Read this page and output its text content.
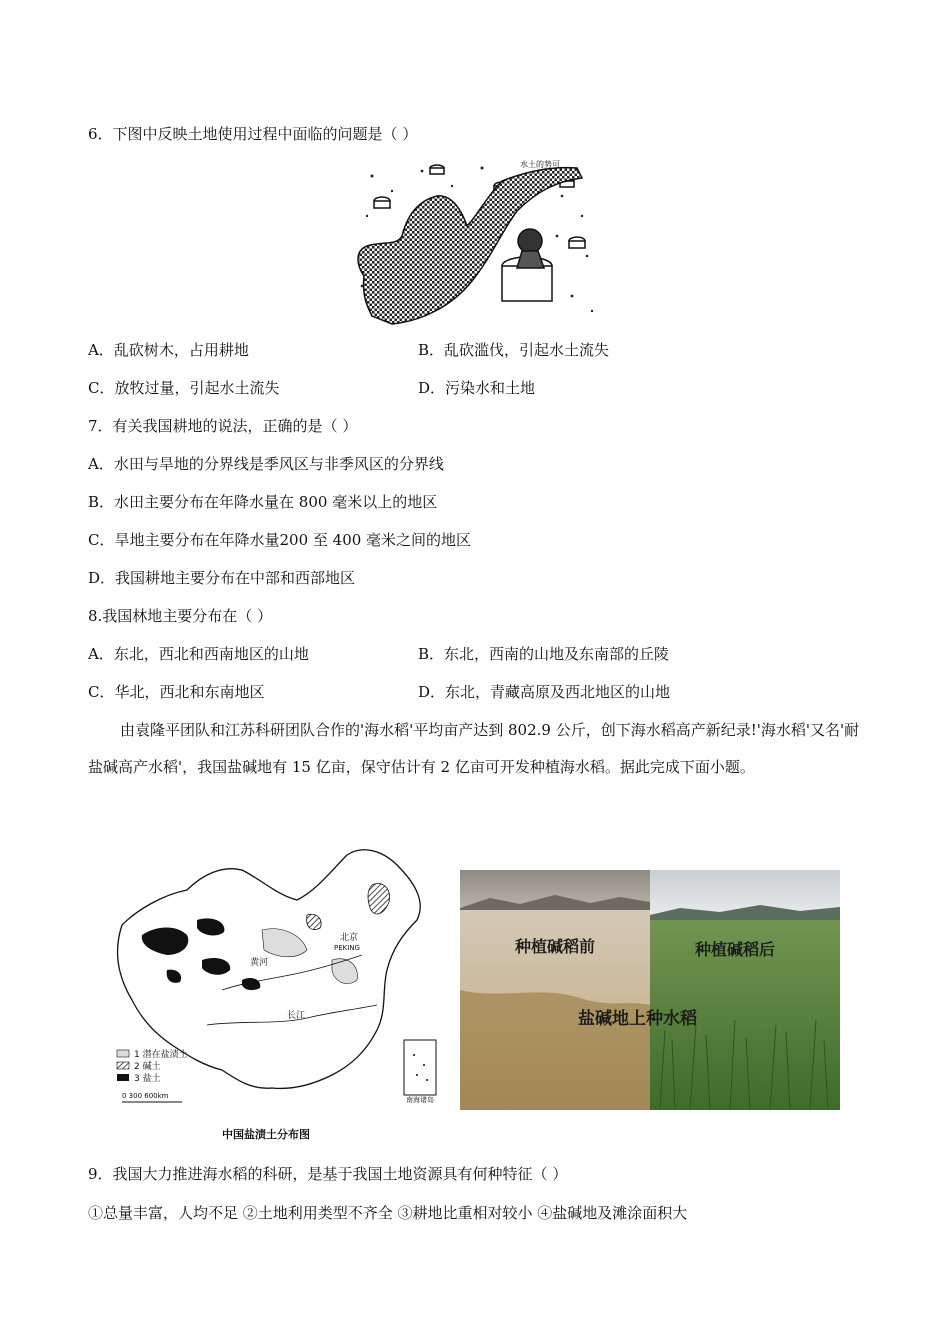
6．下图中反映土地使用过程中面临的问题是（ ）
水土的势可
A．乱砍树木，占用耕地	B．乱砍滥伐，引起水土流失
C．放牧过量，引起水土流失	D．污染水和土地
7．有关我国耕地的说法，正确的是（ ）
A．水田与旱地的分界线是季风区与非季风区的分界线
B．水田主要分布在年降水量在 800 毫米以上的地区
C．旱地主要分布在年降水量200 至 400 毫米之间的地区
D．我国耕地主要分布在中部和西部地区
8.我国林地主要分布在（ ）
A．东北，西北和西南地区的山地	B．东北，西南的山地及东南部的丘陵
C．华北，西北和东南地区	D．东北，青藏高原及西北地区的山地
由袁隆平团队和江苏科研团队合作的'海水稻'平均亩产达到 802.9 公斤，创下海水稻高产新纪录!'海水稻'又名'耐盐碱高产水稻'，我国盐碱地有 15 亿亩，保守估计有 2 亿亩可开发种植海水稻。据此完成下面小题。
北京
PEKING
黄河
长江
南海诸岛
1 潜在盐渍土
2 碱土
3 盐土
0 300 600km
中国盐渍土分布图
种植碱稻前	种植碱稻后
盐碱地上种水稻
9．我国大力推进海水稻的科研，是基于我国土地资源具有何种特征（ ）
①总量丰富，人均不足 ②土地利用类型不齐全 ③耕地比重相对较小 ④盐碱地及滩涂面积大
